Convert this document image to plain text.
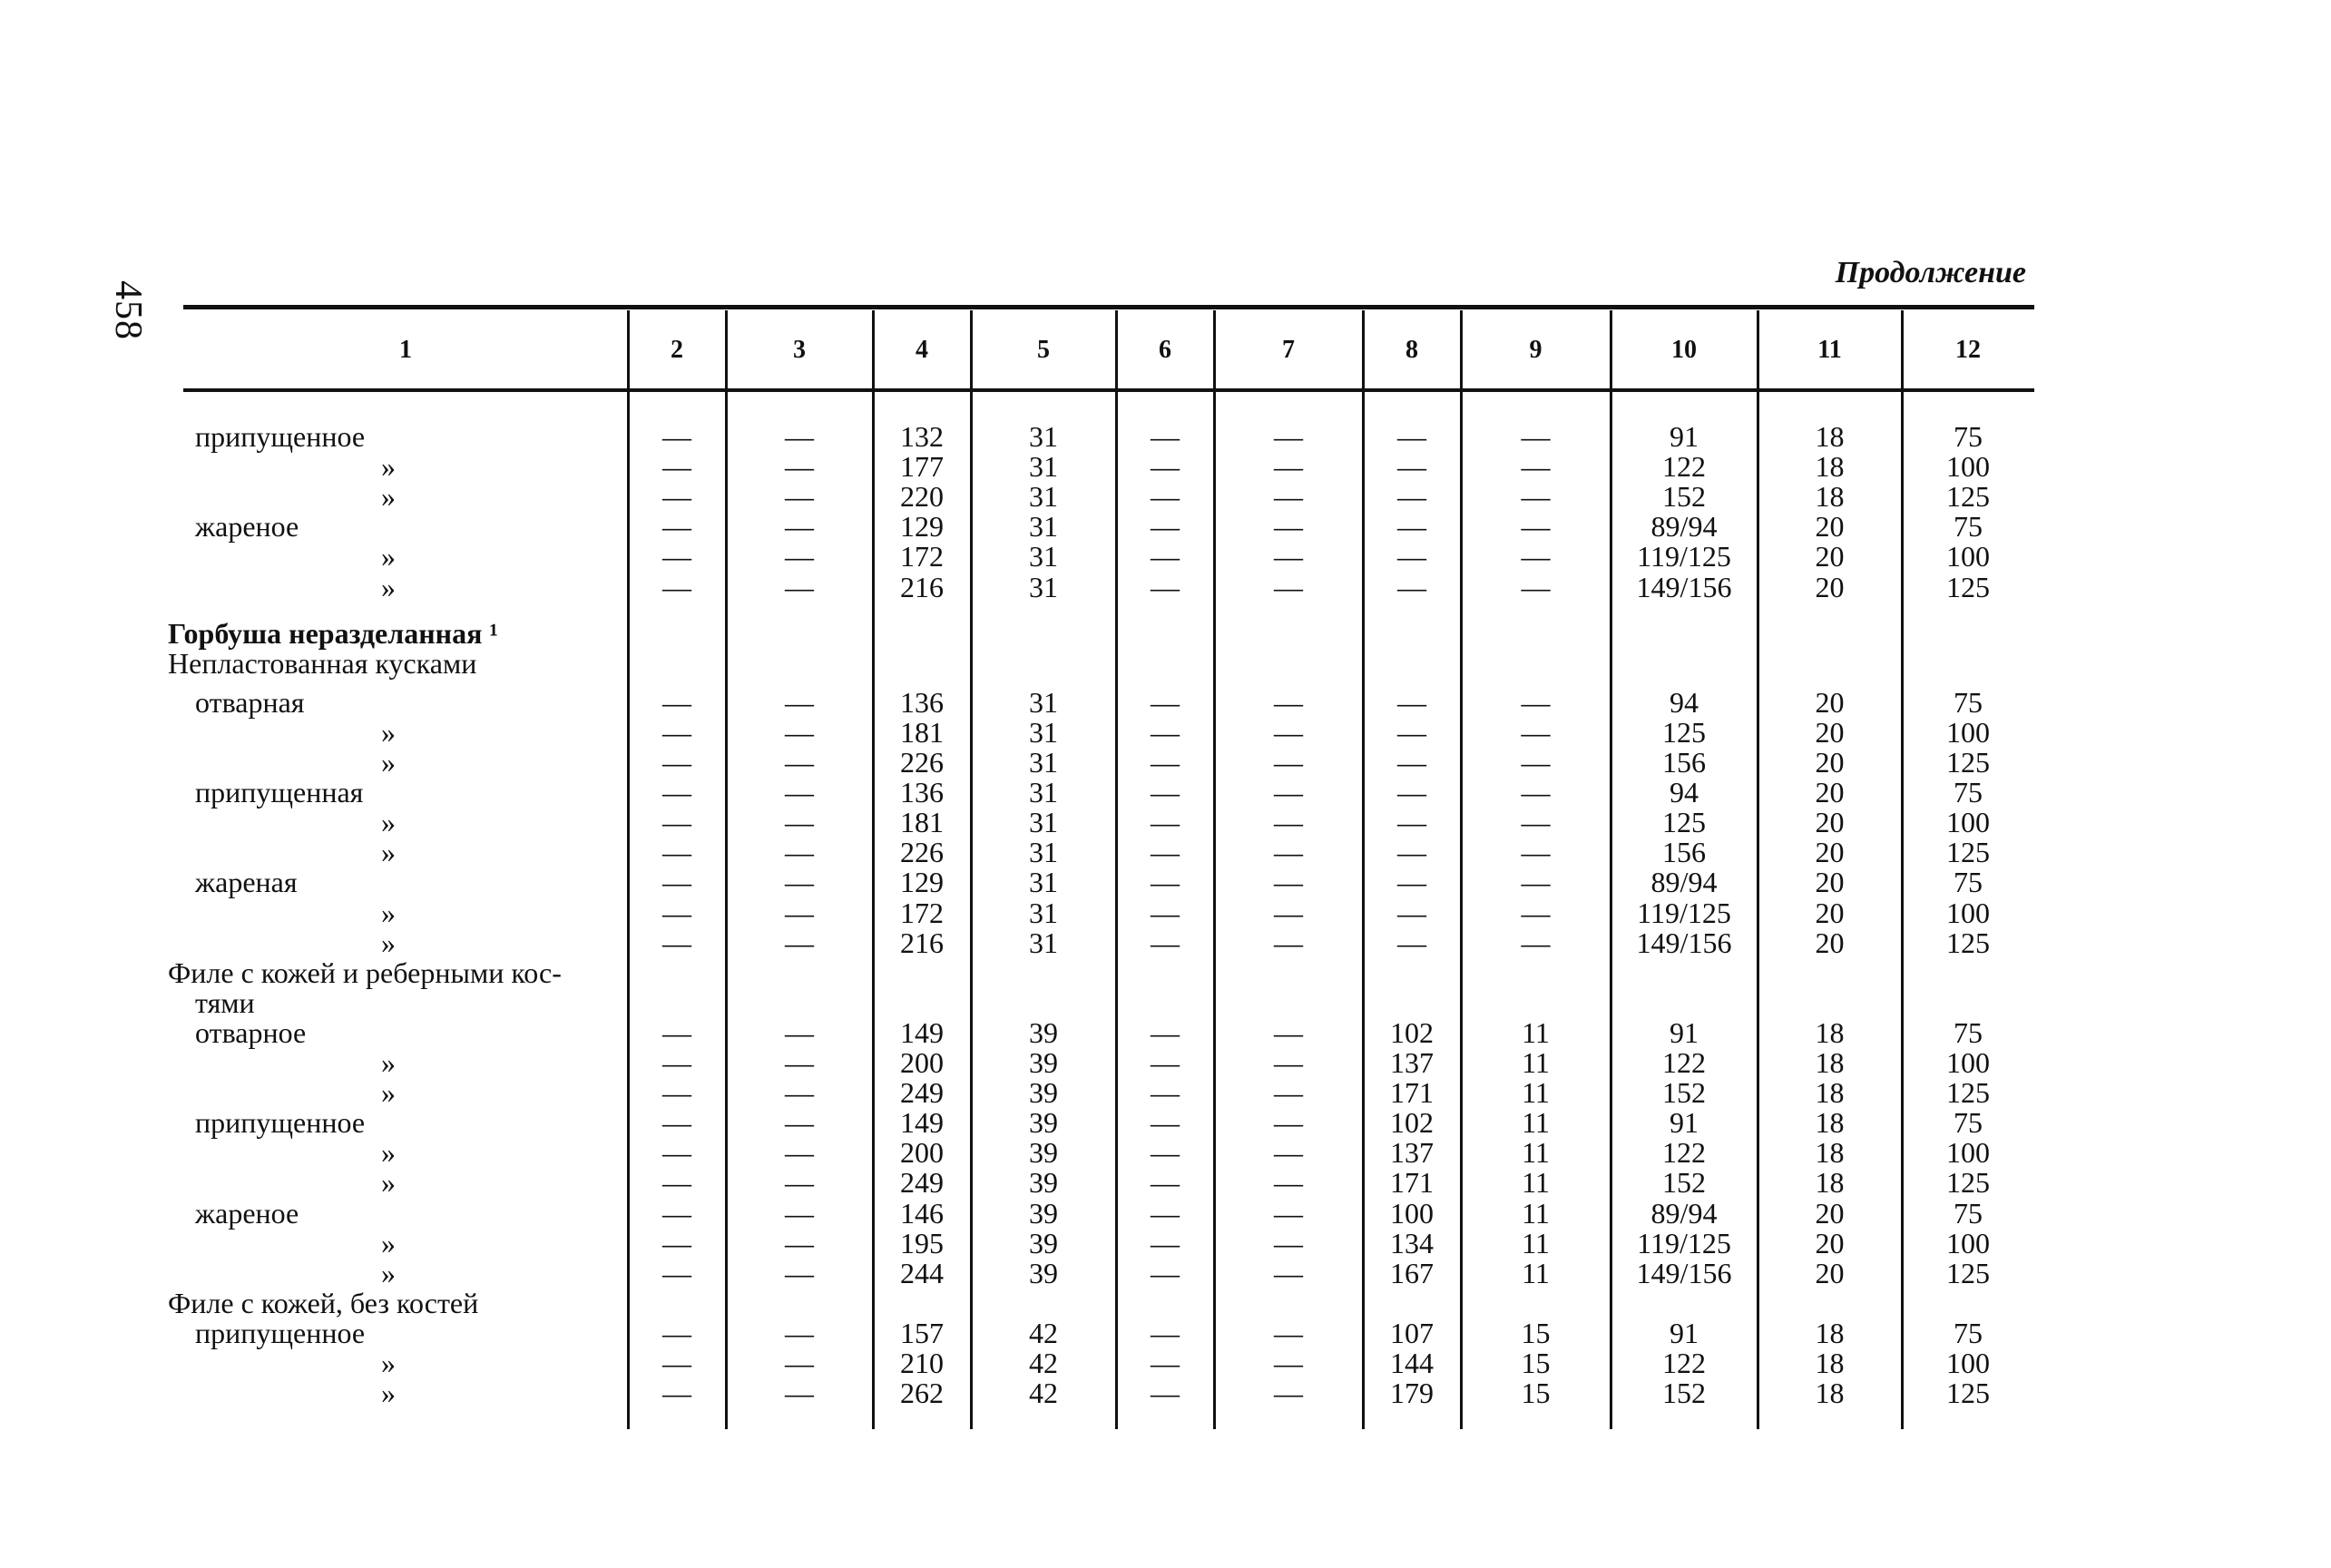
458
Продолжение
1	2	3	4	5	6	7	8	9	10	11	12
припущенное	—	—	132	31	—	—	—	—	91	18	75
»	—	—	177	31	—	—	—	—	122	18	100
»	—	—	220	31	—	—	—	—	152	18	125
жареное	—	—	129	31	—	—	—	—	89/94	20	75
»	—	—	172	31	—	—	—	—	119/125	20	100
»	—	—	216	31	—	—	—	—	149/156	20	125
Горбуша неразделанная ¹
Непластованная кусками
отварная	—	—	136	31	—	—	—	—	94	20	75
»	—	—	181	31	—	—	—	—	125	20	100
»	—	—	226	31	—	—	—	—	156	20	125
припущенная	—	—	136	31	—	—	—	—	94	20	75
»	—	—	181	31	—	—	—	—	125	20	100
»	—	—	226	31	—	—	—	—	156	20	125
жареная	—	—	129	31	—	—	—	—	89/94	20	75
»	—	—	172	31	—	—	—	—	119/125	20	100
»	—	—	216	31	—	—	—	—	149/156	20	125
Филе с кожей и реберными кос-
тями
отварное	—	—	149	39	—	—	102	11	91	18	75
»	—	—	200	39	—	—	137	11	122	18	100
»	—	—	249	39	—	—	171	11	152	18	125
припущенное	—	—	149	39	—	—	102	11	91	18	75
»	—	—	200	39	—	—	137	11	122	18	100
»	—	—	249	39	—	—	171	11	152	18	125
жареное	—	—	146	39	—	—	100	11	89/94	20	75
»	—	—	195	39	—	—	134	11	119/125	20	100
»	—	—	244	39	—	—	167	11	149/156	20	125
Филе с кожей, без костей
припущенное	—	—	157	42	—	—	107	15	91	18	75
»	—	—	210	42	—	—	144	15	122	18	100
»	—	—	262	42	—	—	179	15	152	18	125
